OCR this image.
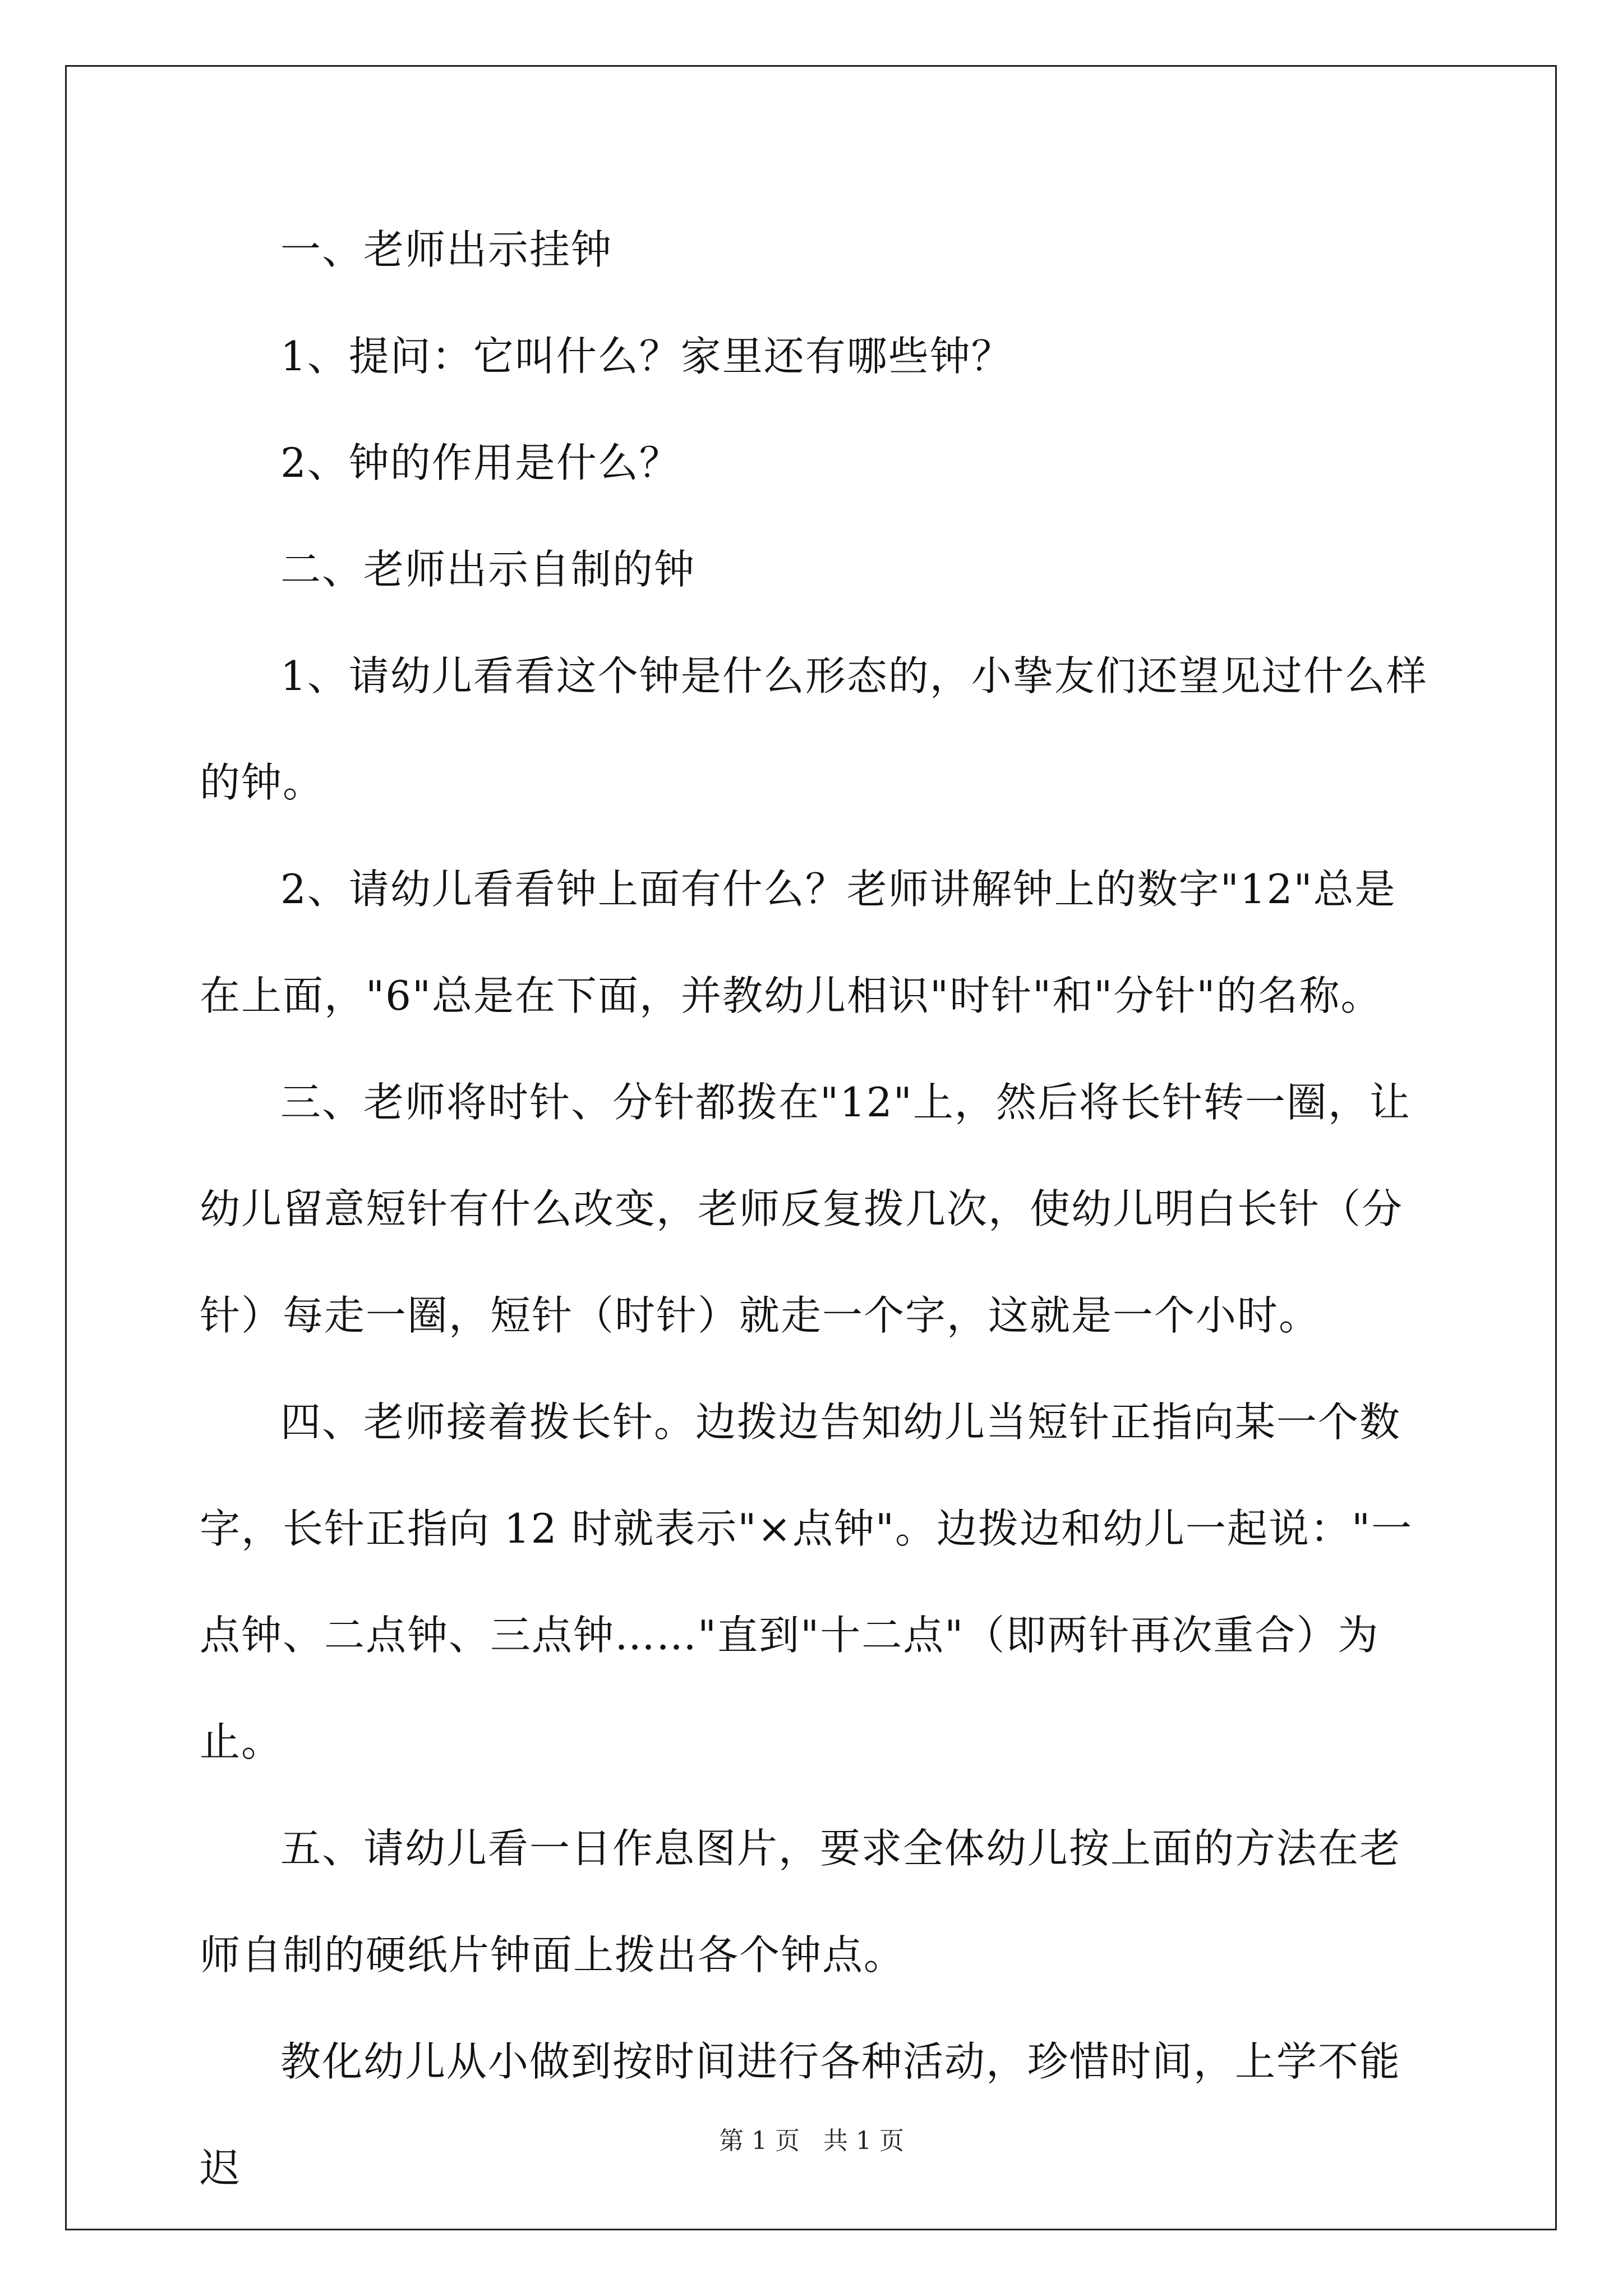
一、老师出示挂钟

1、提问：它叫什么？家里还有哪些钟？

2、钟的作用是什么？

二、老师出示自制的钟

1、请幼儿看看这个钟是什么形态的，小挚友们还望见过什么样的钟。

2、请幼儿看看钟上面有什么？老师讲解钟上的数字"12"总是在上面，"6"总是在下面，并教幼儿相识"时针"和"分针"的名称。

三、老师将时针、分针都拨在"12"上，然后将长针转一圈，让幼儿留意短针有什么改变，老师反复拨几次，使幼儿明白长针（分针）每走一圈，短针（时针）就走一个字，这就是一个小时。

四、老师接着拨长针。边拨边告知幼儿当短针正指向某一个数字，长针正指向 12 时就表示"×点钟"。边拨边和幼儿一起说："一点钟、二点钟、三点钟……"直到"十二点"（即两针再次重合）为止。

五、请幼儿看一日作息图片，要求全体幼儿按上面的方法在老师自制的硬纸片钟面上拨出各个钟点。

教化幼儿从小做到按时间进行各种活动，珍惜时间，上学不能迟

第 1 页 共 1 页
